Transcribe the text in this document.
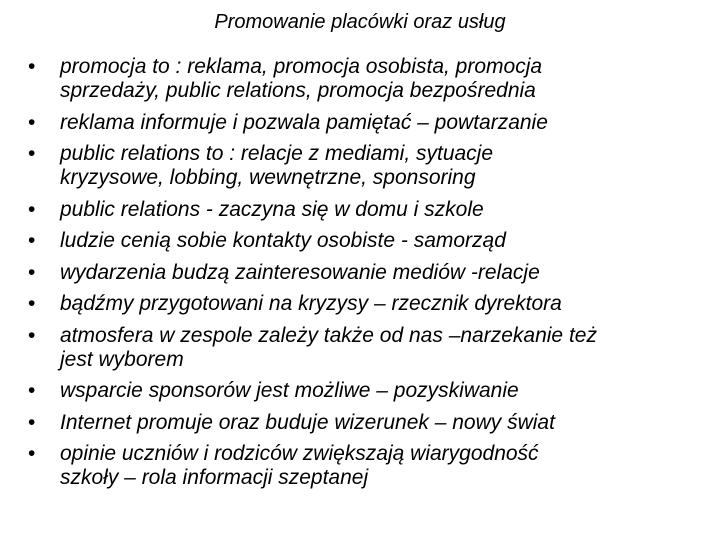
Promowanie placówki oraz usług
•	promocja to : reklama, promocja osobista, promocja
sprzedaży, public relations, promocja bezpośrednia
•	reklama informuje i pozwala pamiętać – powtarzanie
•	public relations to : relacje z mediami, sytuacje
kryzysowe, lobbing, wewnętrzne, sponsoring
•	public relations - zaczyna się w domu i szkole
•	ludzie cenią sobie kontakty osobiste - samorząd
•	wydarzenia budzą zainteresowanie mediów -relacje
•	bądźmy przygotowani na kryzysy – rzecznik dyrektora
•	atmosfera w zespole zależy także od nas –narzekanie też
jest wyborem
•	wsparcie sponsorów jest możliwe – pozyskiwanie
•	Internet promuje oraz buduje wizerunek – nowy świat
•	opinie uczniów i rodziców zwiększają wiarygodność
szkoły – rola informacji szeptanej
